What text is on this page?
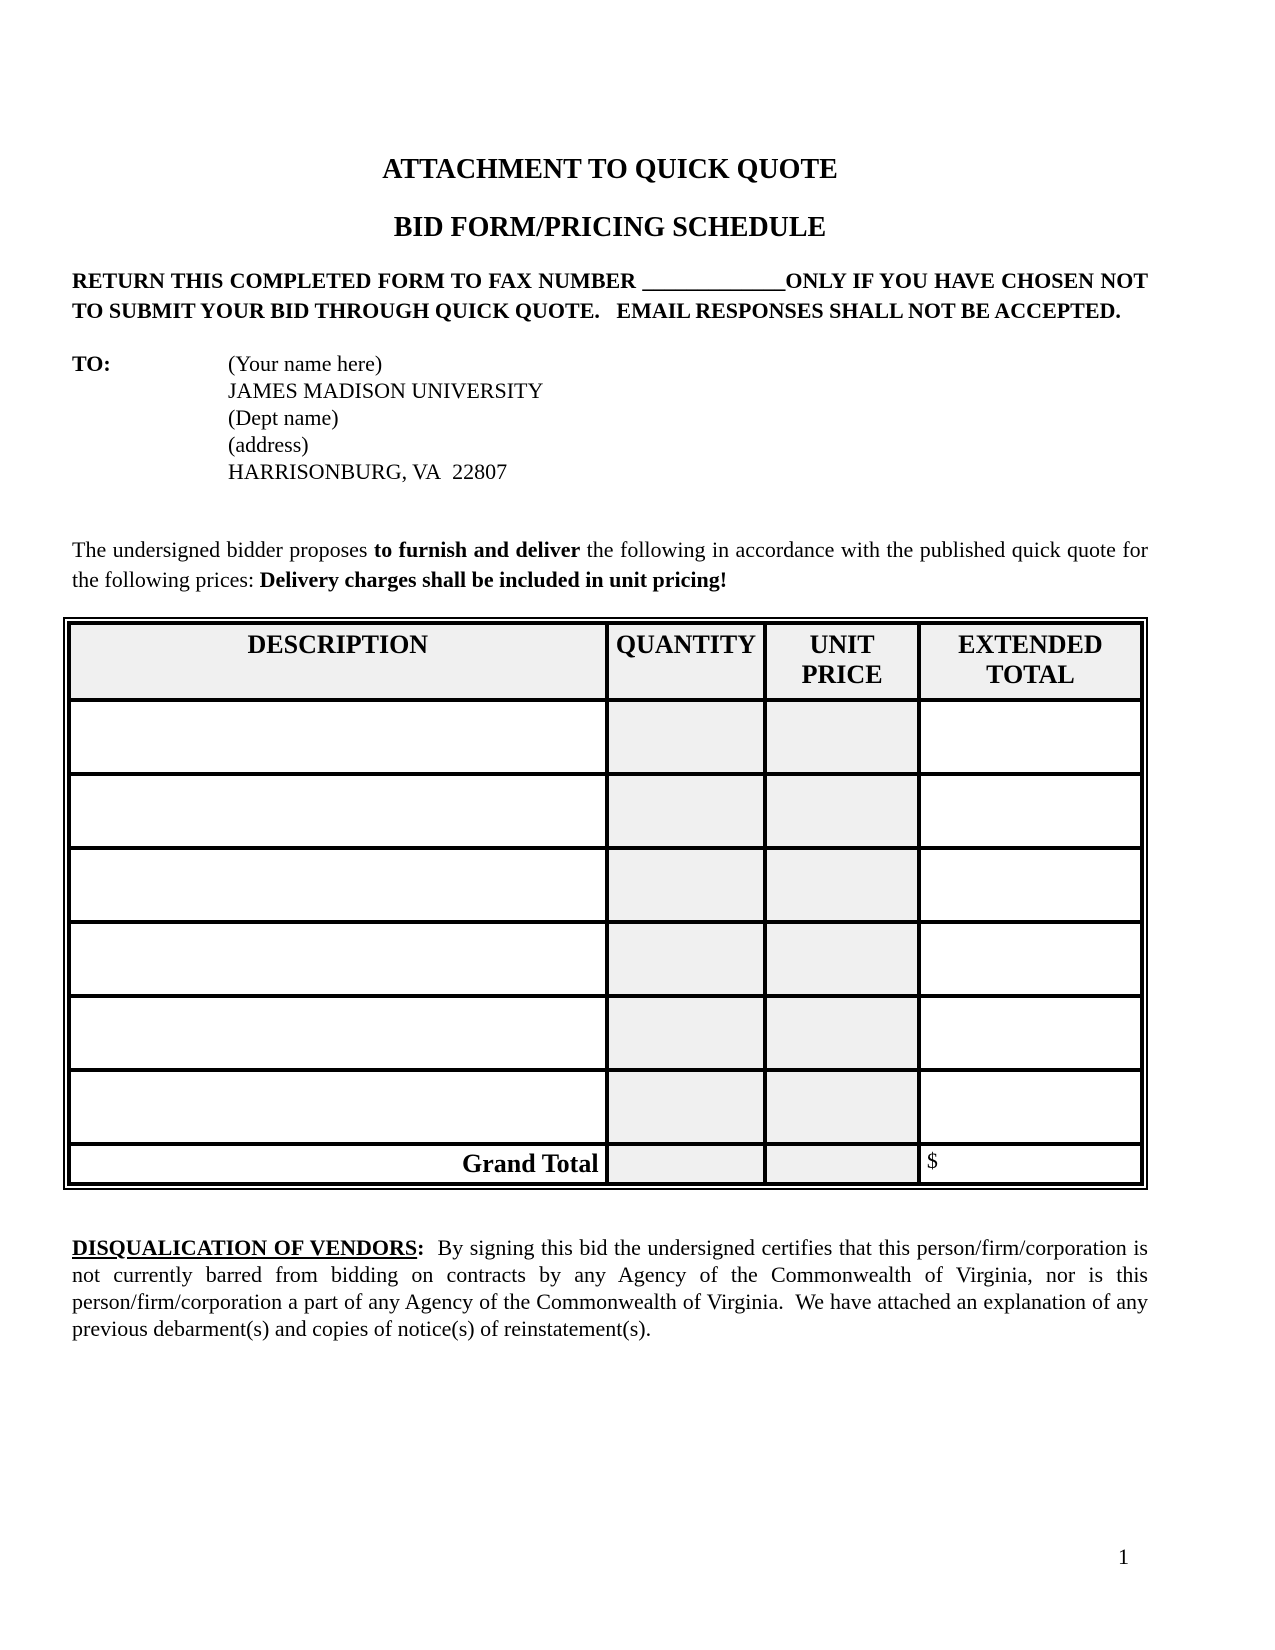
ATTACHMENT TO QUICK QUOTE
BID FORM/PRICING SCHEDULE

RETURN THIS COMPLETED FORM TO FAX NUMBER _____________ONLY IF YOU HAVE CHOSEN NOT TO SUBMIT YOUR BID THROUGH QUICK QUOTE.   EMAIL RESPONSES SHALL NOT BE ACCEPTED.

TO:	(Your name here)
JAMES MADISON UNIVERSITY
(Dept name)
(address)
HARRISONBURG, VA  22807

The undersigned bidder proposes to furnish and deliver the following in accordance with the published quick quote for the following prices: Delivery charges shall be included in unit pricing!

DESCRIPTION	QUANTITY	UNIT PRICE	EXTENDED TOTAL

Grand Total			$

DISQUALICATION OF VENDORS:  By signing this bid the undersigned certifies that this person/firm/corporation is not currently barred from bidding on contracts by any Agency of the Commonwealth of Virginia, nor is this person/firm/corporation a part of any Agency of the Commonwealth of Virginia.  We have attached an explanation of any previous debarment(s) and copies of notice(s) of reinstatement(s).

1
